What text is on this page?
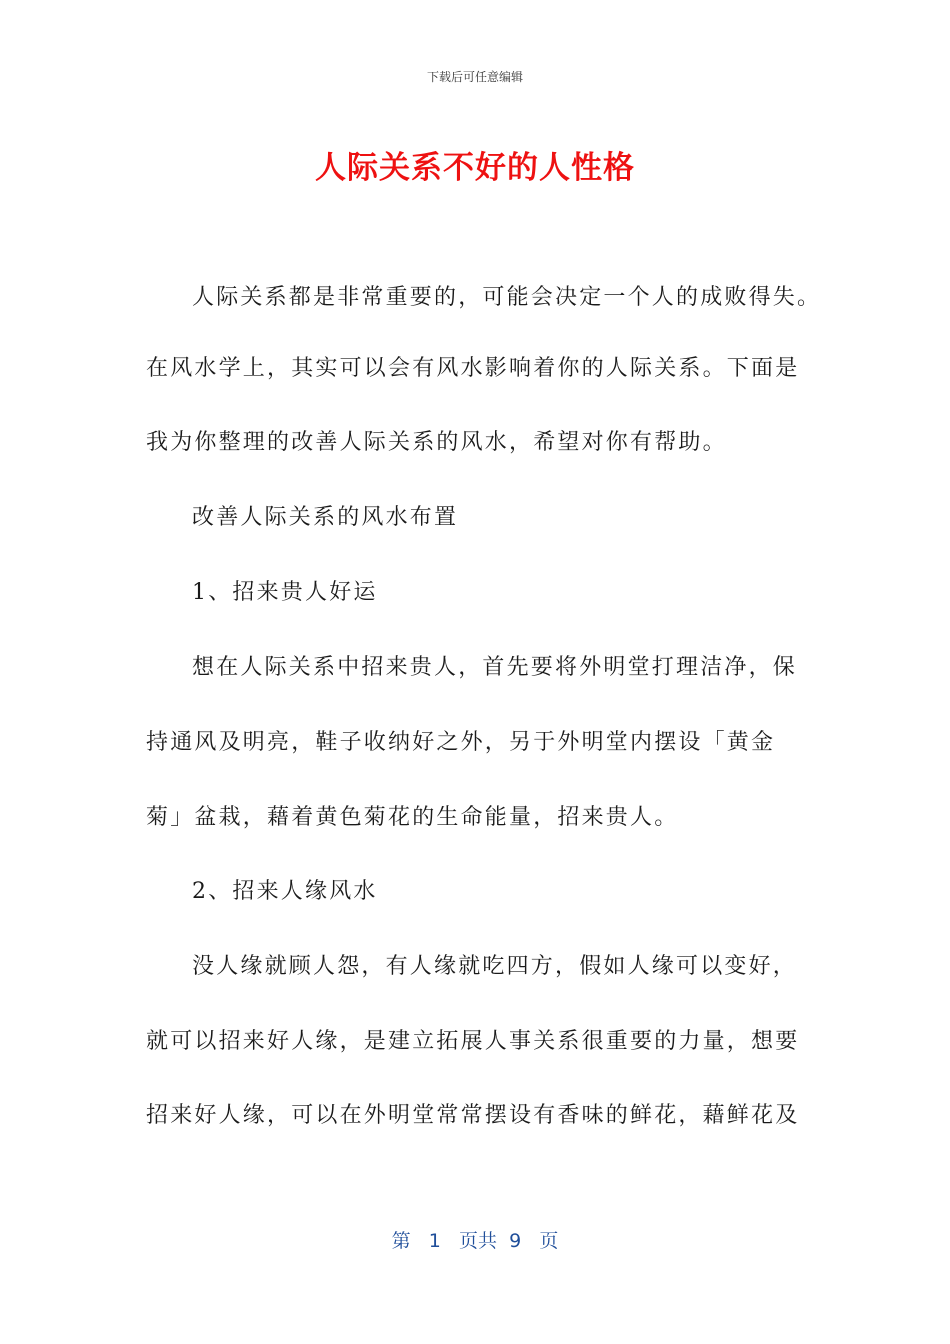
下载后可任意编辑
人际关系不好的人性格
人际关系都是非常重要的，可能会决定一个人的成败得失。
在风水学上，其实可以会有风水影响着你的人际关系。下面是
我为你整理的改善人际关系的风水，希望对你有帮助。
改善人际关系的风水布置
1、招来贵人好运
想在人际关系中招来贵人，首先要将外明堂打理洁净，保
持通风及明亮，鞋子收纳好之外，另于外明堂内摆设「黄金
菊」盆栽，藉着黄色菊花的生命能量，招来贵人。
2、招来人缘风水
没人缘就顾人怨，有人缘就吃四方，假如人缘可以变好，
就可以招来好人缘，是建立拓展人事关系很重要的力量，想要
招来好人缘，可以在外明堂常常摆设有香味的鲜花，藉鲜花及
第 1 页共 9 页
